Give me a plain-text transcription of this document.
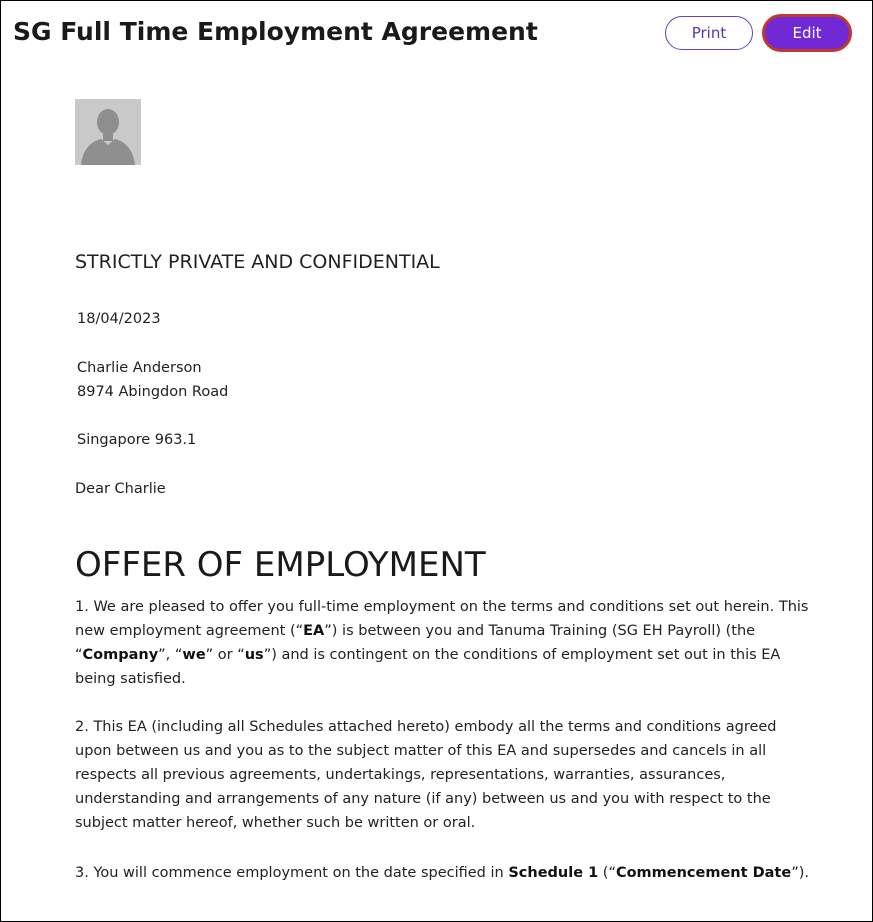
SG Full Time Employment Agreement	Print	Edit
STRICTLY PRIVATE AND CONFIDENTIAL
18/04/2023
Charlie Anderson
8974 Abingdon Road
Singapore 963.1
Dear Charlie
OFFER OF EMPLOYMENT
1. We are pleased to offer you full-time employment on the terms and conditions set out herein. This new employment agreement (“EA”) is between you and Tanuma Training (SG EH Payroll) (the “Company”, “we” or “us”) and is contingent on the conditions of employment set out in this EA being satisfied.
2. This EA (including all Schedules attached hereto) embody all the terms and conditions agreed upon between us and you as to the subject matter of this EA and supersedes and cancels in all respects all previous agreements, undertakings, representations, warranties, assurances, understanding and arrangements of any nature (if any) between us and you with respect to the subject matter hereof, whether such be written or oral.
3. You will commence employment on the date specified in Schedule 1 (“Commencement Date”).
